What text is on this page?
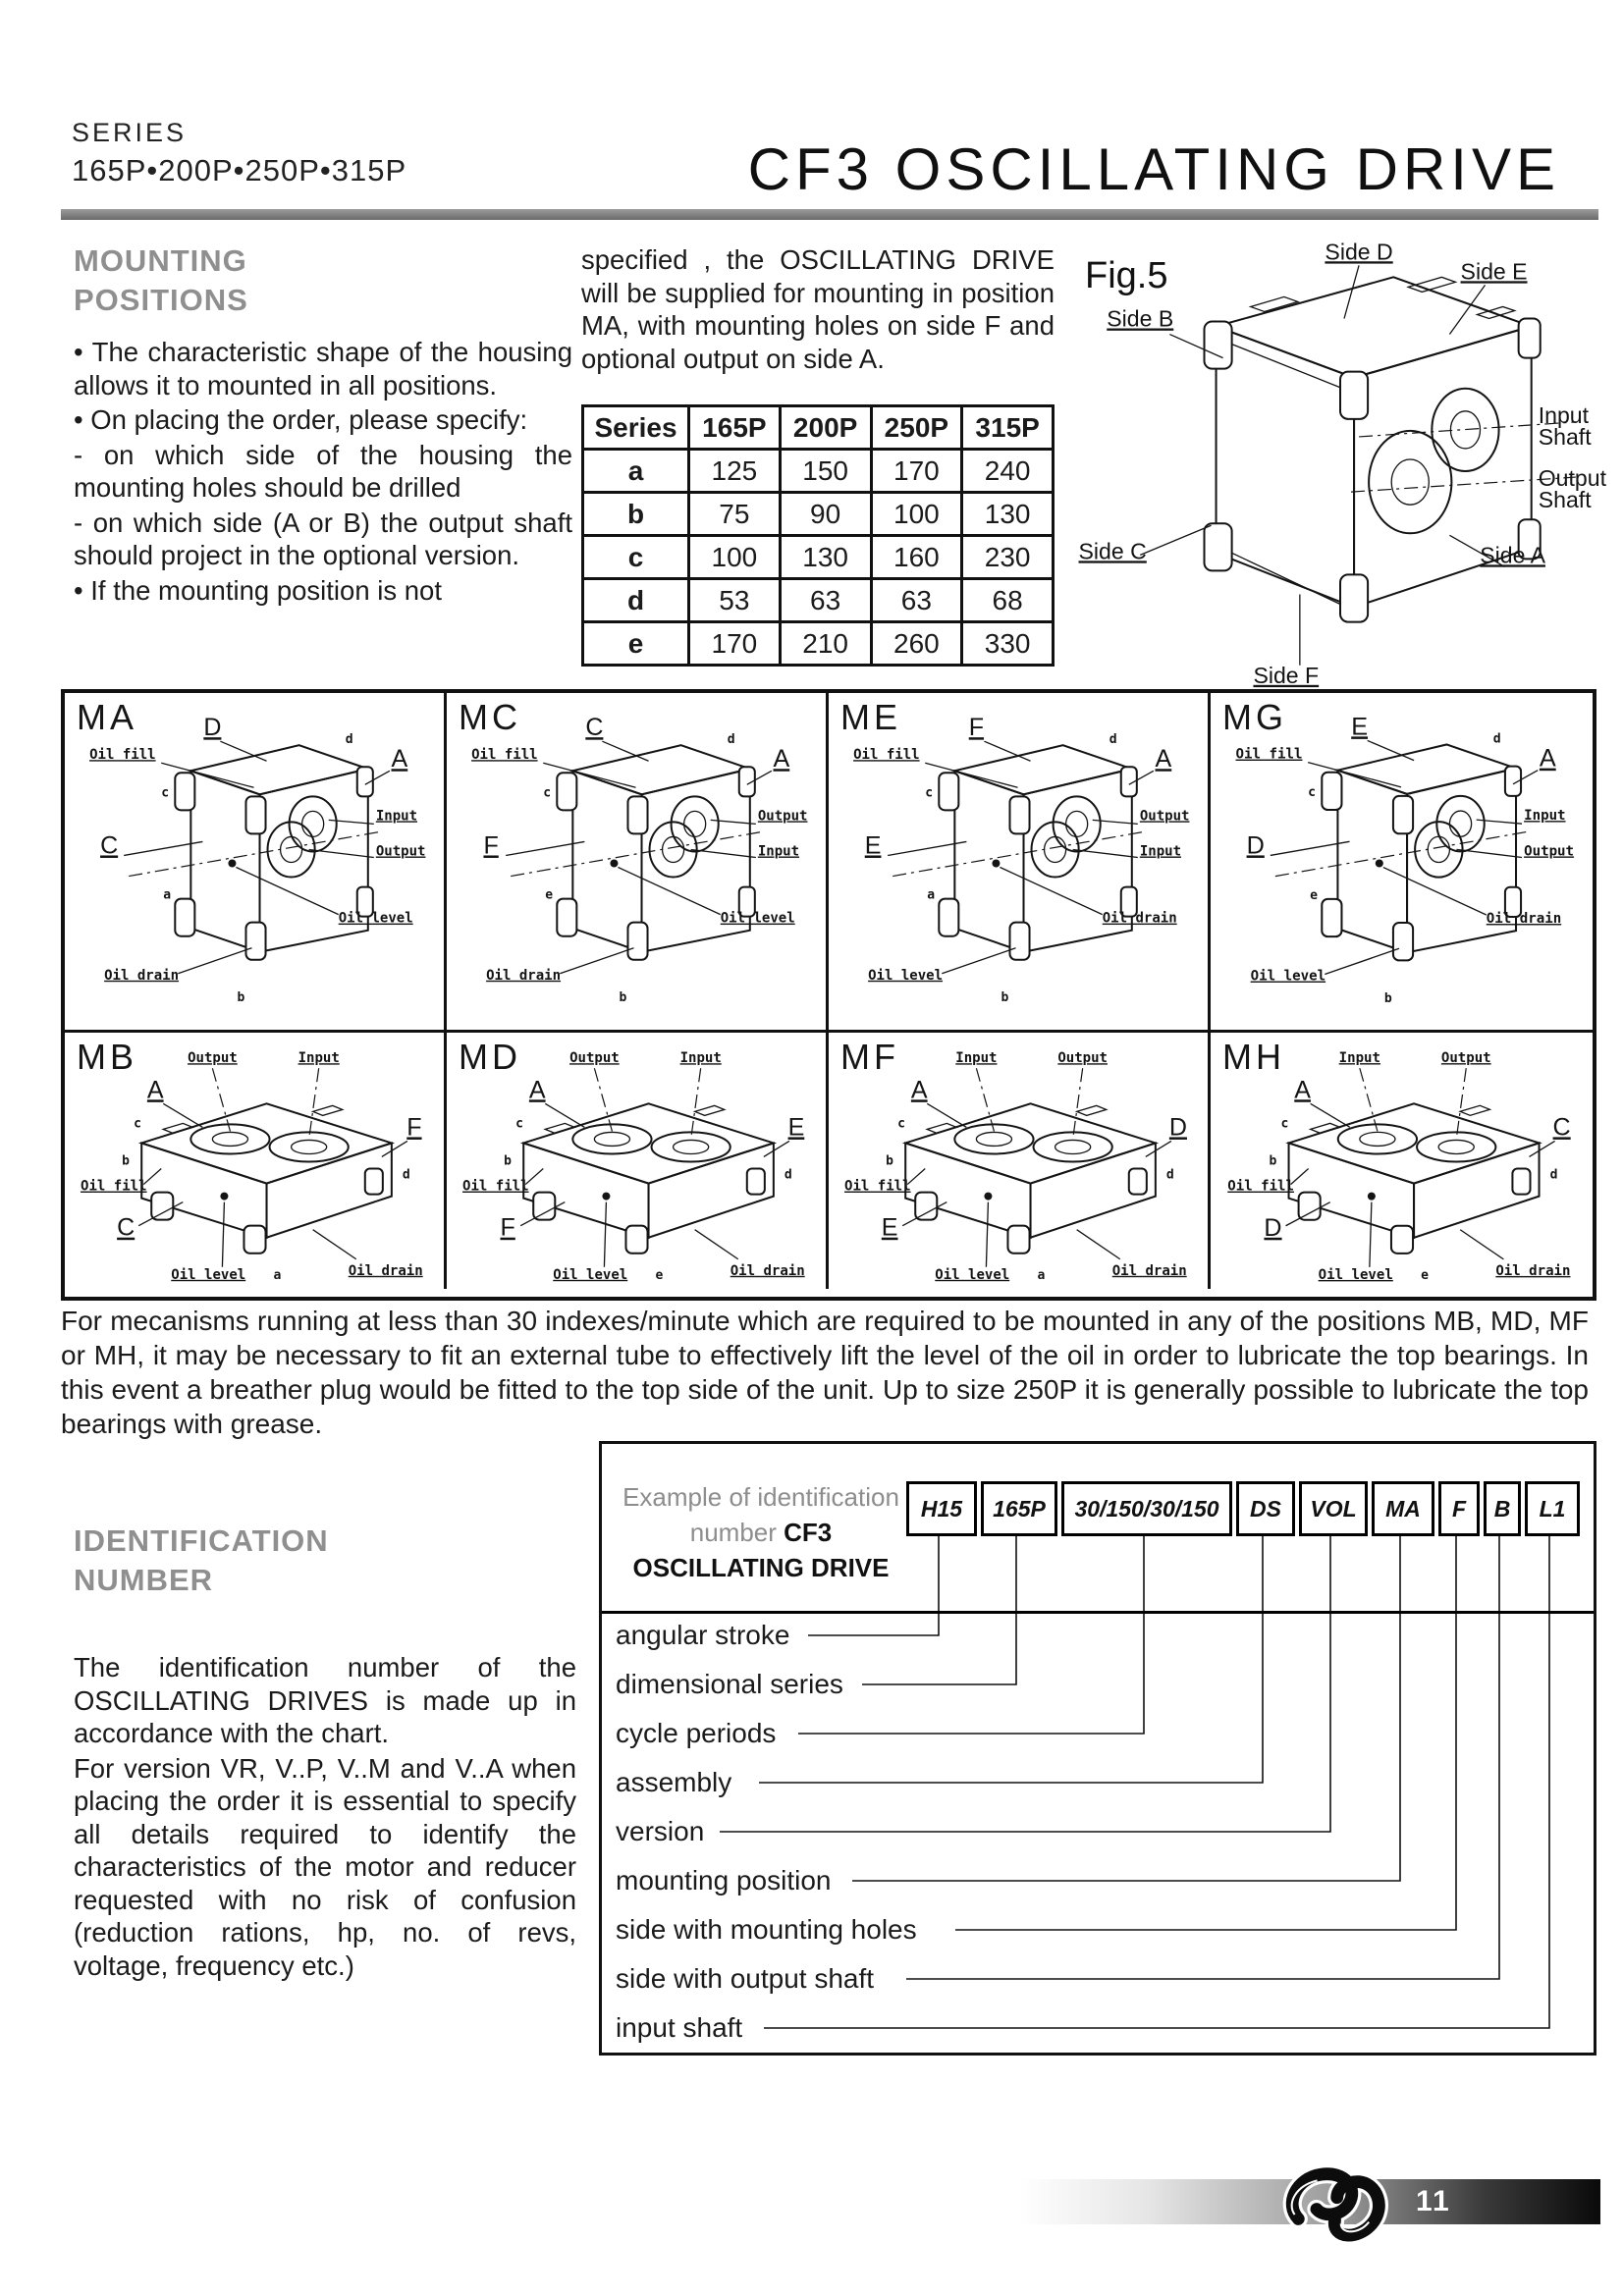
SERIES
165P•200P•250P•315P	CF3 OSCILLATING DRIVE
MOUNTING
POSITIONS

• The characteristic shape of the housing allows it to mounted in all positions.

• On placing the order, please specify:

- on which side of the housing the mounting holes should be drilled

- on which side (A or B) the output shaft should project in the optional version.

• If the mounting position is not

specified , the OSCILLATING DRIVE will be supplied for mounting in position MA, with mounting holes on side F and optional output on side A.

Series	165P	200P	250P	315P
a	125	150	170	240
b	75	90	100	130
c	100	130	160	230
d	53	63	63	68
e	170	210	260	330
Fig.5
Side D
Side E
Side B
Side C
Side F
Side A
Input
Shaft
Output
Shaft
MA	D
Oil fill	A
C
Input
Output
Oil level
Oil drain
c
d
a
b
MC	C
Oil fill	A
F
Output
Input
Oil level
Oil drain
c
d
e
b
ME	F
Oil fill	A
E
Output
Input
Oil drain
Oil level
c
d
a
b
MG	E
Oil fill	A
D
Input
Output
Oil drain
Oil level
c
d
e
b
MB	Output	Input
A
F
Oil fill
C
Oil level	Oil drain
c
b
d
a
MD	Output	Input
A
E
Oil fill
F
Oil level	Oil drain
c
b
d
e
MF	Input	Output
A
D
Oil fill
E
Oil level	Oil drain
c
b
d
a
MH	Input	Output
A
C
Oil fill
D
Oil level	Oil drain
c
b
d
e
For mecanisms running at less than 30 indexes/minute which are required to be mounted in any of the positions MB, MD, MF or MH, it may be necessary to fit an external tube to effectively lift the level of the oil in order to lubricate the top bearings. In this event a breather plug would be fitted to the top side of the unit. Up to size 250P it is generally possible to lubricate the top bearings with grease.
IDENTIFICATION
NUMBER

The identification number of the OSCILLATING DRIVES is made up in accordance with the chart.

For version VR, V..P, V..M and V..A when placing the order it is essential to specify all details required to identify the characteristics of the motor and reducer requested with no risk of confusion (reduction rations, hp, no. of revs, voltage, frequency etc.)

Example of identification
number CF3
OSCILLATING DRIVE
H15	165P	30/150/30/150	DS	VOL	MA	F	B	L1
angular stroke
dimensional series
cycle periods
assembly
version
mounting position
side with mounting holes
side with output shaft
input shaft
11
